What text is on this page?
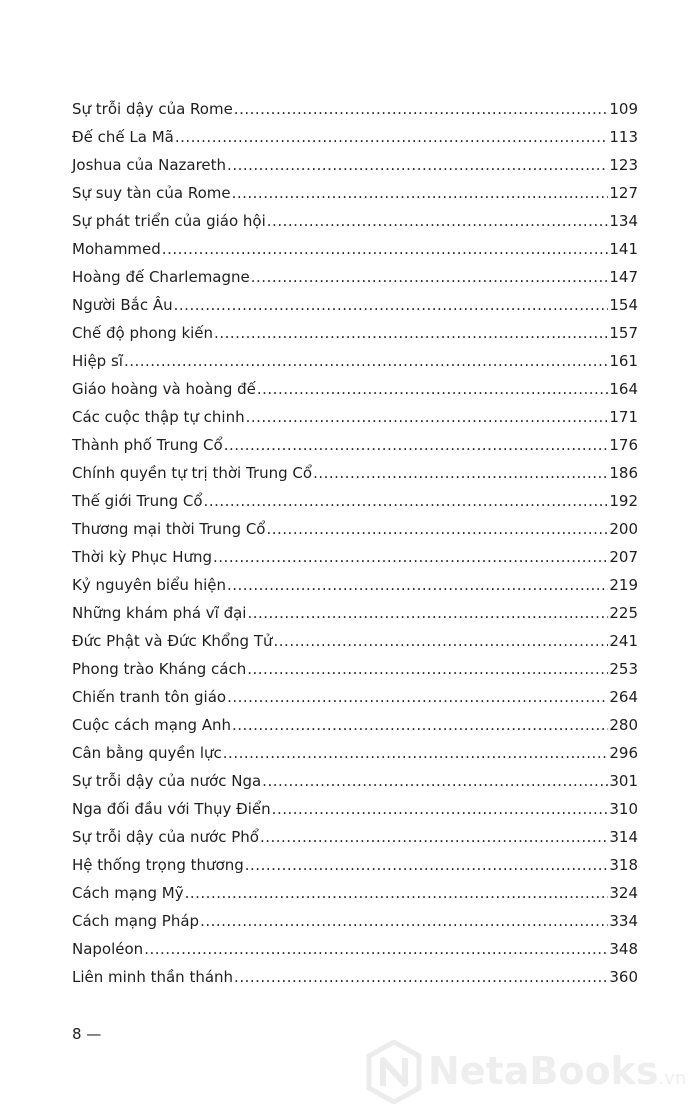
Sự trỗi dậy của Rome .....	109
Đế chế La Mã .....	113
Joshua của Nazareth .....	123
Sự suy tàn của Rome .....	127
Sự phát triển của giáo hội .....	134
Mohammed .....	141
Hoàng đế Charlemagne .....	147
Người Bắc Âu .....	154
Chế độ phong kiến .....	157
Hiệp sĩ .....	161
Giáo hoàng và hoàng đế .....	164
Các cuộc thập tự chinh .....	171
Thành phố Trung Cổ .....	176
Chính quyền tự trị thời Trung Cổ .....	186
Thế giới Trung Cổ .....	192
Thương mại thời Trung Cổ .....	200
Thời kỳ Phục Hưng .....	207
Kỷ nguyên biểu hiện .....	219
Những khám phá vĩ đại .....	225
Đức Phật và Đức Khổng Tử .....	241
Phong trào Kháng cách .....	253
Chiến tranh tôn giáo .....	264
Cuộc cách mạng Anh .....	280
Cân bằng quyền lực .....	296
Sự trỗi dậy của nước Nga .....	301
Nga đối đầu với Thụy Điển .....	310
Sự trỗi dậy của nước Phổ .....	314
Hệ thống trọng thương .....	318
Cách mạng Mỹ .....	324
Cách mạng Pháp .....	334
Napoléon .....	348
Liên minh thần thánh .....	360
8 —
NetaBooks.vn
